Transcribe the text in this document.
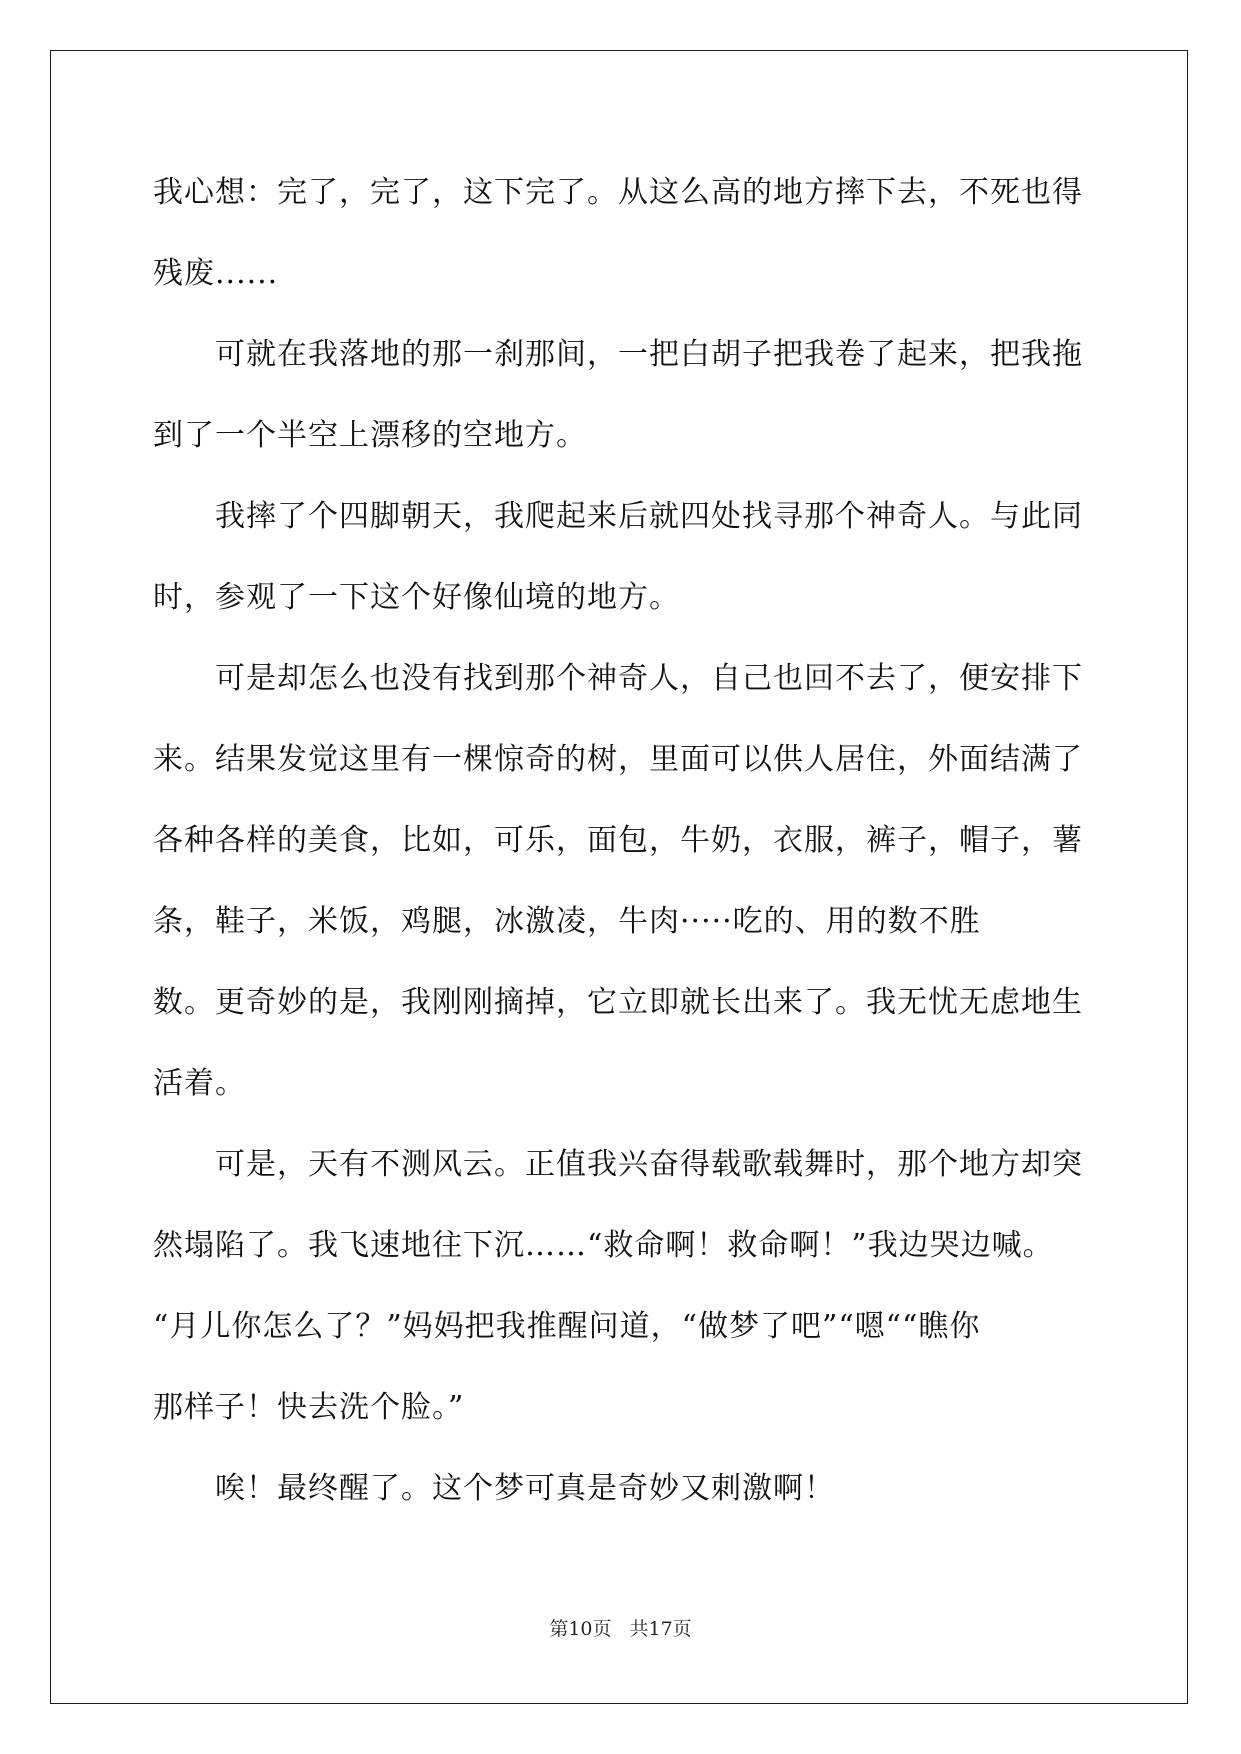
我心想：完了，完了，这下完了。从这么高的地方摔下去，不死也得
残废......
可就在我落地的那一刹那间，一把白胡子把我卷了起来，把我拖
到了一个半空上漂移的空地方。
我摔了个四脚朝天，我爬起来后就四处找寻那个神奇人。与此同
时，参观了一下这个好像仙境的地方。
可是却怎么也没有找到那个神奇人，自己也回不去了，便安排下
来。结果发觉这里有一棵惊奇的树，里面可以供人居住，外面结满了
各种各样的美食，比如，可乐，面包，牛奶，衣服，裤子，帽子，薯
条，鞋子，米饭，鸡腿，冰激凌，牛肉·····吃的、用的数不胜
数。更奇妙的是，我刚刚摘掉，它立即就长出来了。我无忧无虑地生
活着。
可是，天有不测风云。正值我兴奋得载歌载舞时，那个地方却突
然塌陷了。我飞速地往下沉……“救命啊！救命啊！”我边哭边喊。
“月儿你怎么了？”妈妈把我推醒问道，“做梦了吧”“嗯““瞧你
那样子！快去洗个脸。”
唉！最终醒了。这个梦可真是奇妙又刺激啊！
第10页 共17页
